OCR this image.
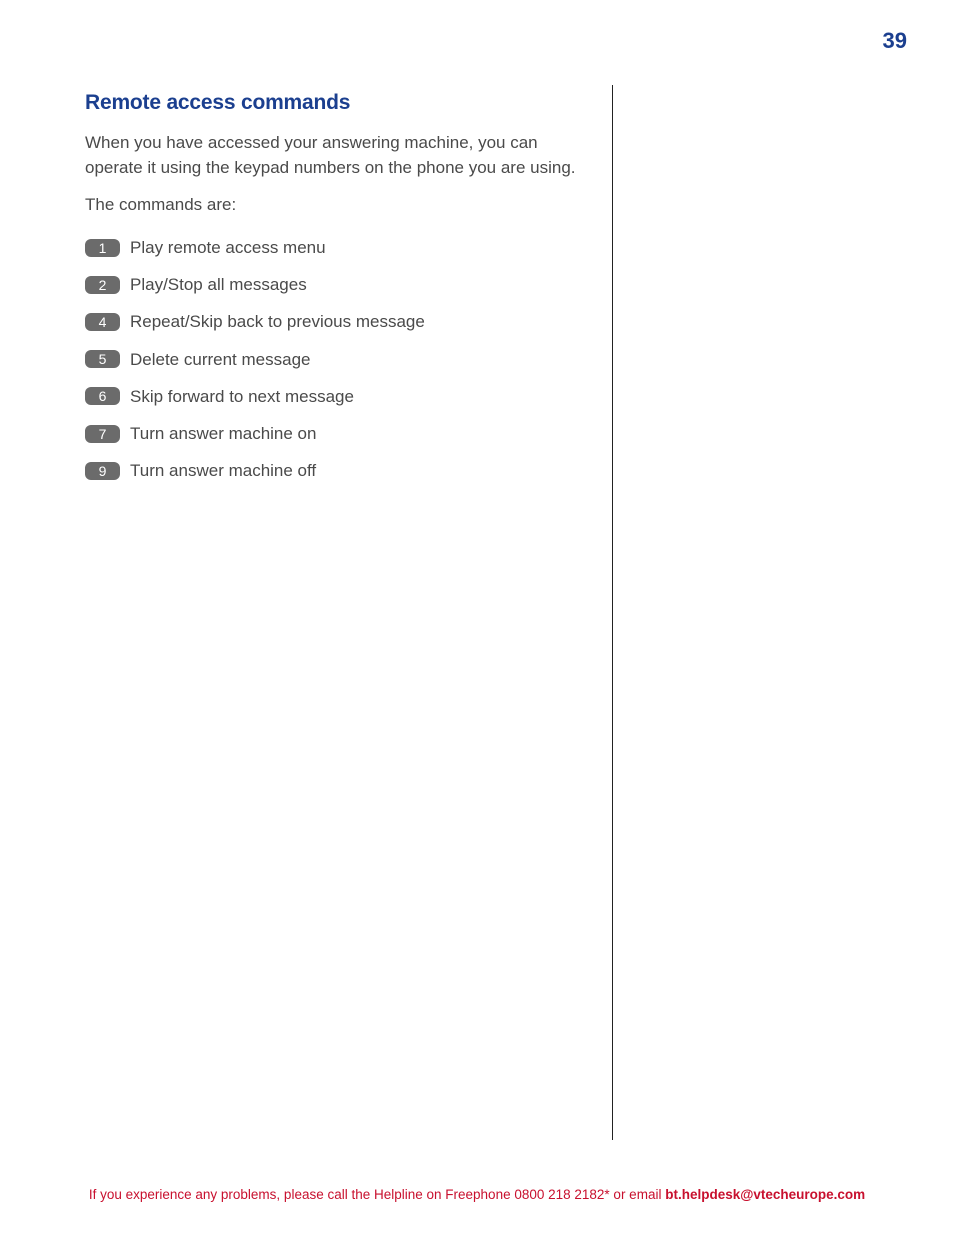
39
Remote access commands

When you have accessed your answering machine, you can operate it using the keypad numbers on the phone you are using.

The commands are:

1	Play remote access menu
2	Play/Stop all messages
4	Repeat/Skip back to previous message
5	Delete current message
6	Skip forward to next message
7	Turn answer machine on
9	Turn answer machine off
If you experience any problems, please call the Helpline on Freephone 0800 218 2182* or email bt.helpdesk@vtecheurope.com
